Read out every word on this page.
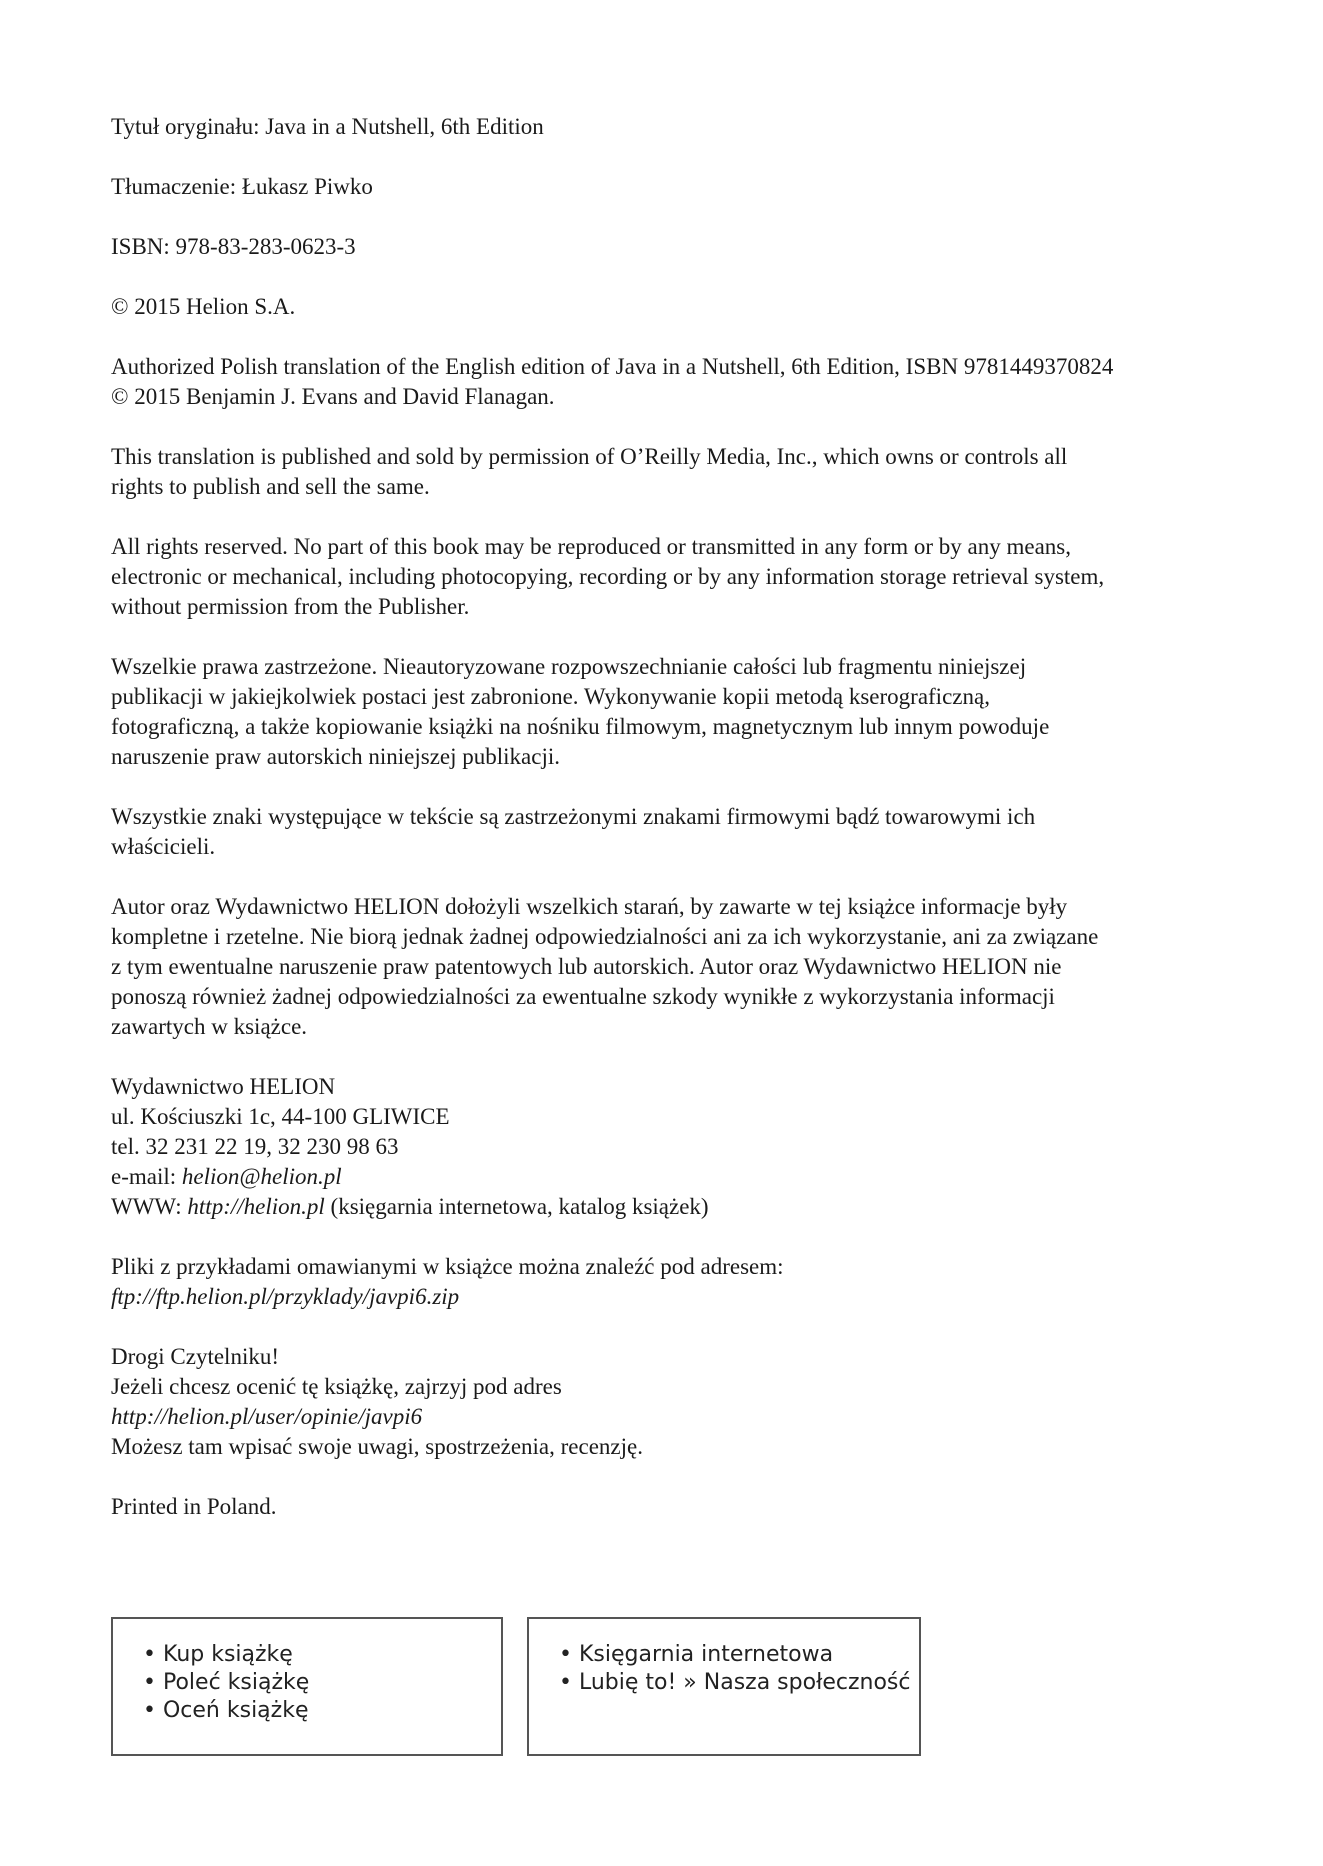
Tytuł oryginału: Java in a Nutshell, 6th Edition

Tłumaczenie: Łukasz Piwko

ISBN: 978-83-283-0623-3

© 2015 Helion S.A.

Authorized Polish translation of the English edition of Java in a Nutshell, 6th Edition, ISBN 9781449370824
© 2015 Benjamin J. Evans and David Flanagan.

This translation is published and sold by permission of O’Reilly Media, Inc., which owns or controls all
rights to publish and sell the same.

All rights reserved. No part of this book may be reproduced or transmitted in any form or by any means,
electronic or mechanical, including photocopying, recording or by any information storage retrieval system,
without permission from the Publisher.

Wszelkie prawa zastrzeżone. Nieautoryzowane rozpowszechnianie całości lub fragmentu niniejszej
publikacji w jakiejkolwiek postaci jest zabronione. Wykonywanie kopii metodą kserograficzną,
fotograficzną, a także kopiowanie książki na nośniku filmowym, magnetycznym lub innym powoduje
naruszenie praw autorskich niniejszej publikacji.

Wszystkie znaki występujące w tekście są zastrzeżonymi znakami firmowymi bądź towarowymi ich
właścicieli.

Autor oraz Wydawnictwo HELION dołożyli wszelkich starań, by zawarte w tej książce informacje były
kompletne i rzetelne. Nie biorą jednak żadnej odpowiedzialności ani za ich wykorzystanie, ani za związane
z tym ewentualne naruszenie praw patentowych lub autorskich. Autor oraz Wydawnictwo HELION nie
ponoszą również żadnej odpowiedzialności za ewentualne szkody wynikłe z wykorzystania informacji
zawartych w książce.

Wydawnictwo HELION
ul. Kościuszki 1c, 44-100 GLIWICE
tel. 32 231 22 19, 32 230 98 63
e-mail: helion@helion.pl
WWW: http://helion.pl (księgarnia internetowa, katalog książek)

Pliki z przykładami omawianymi w książce można znaleźć pod adresem:
ftp://ftp.helion.pl/przyklady/javpi6.zip

Drogi Czytelniku!
Jeżeli chcesz ocenić tę książkę, zajrzyj pod adres
http://helion.pl/user/opinie/javpi6
Możesz tam wpisać swoje uwagi, spostrzeżenia, recenzję.

Printed in Poland.

• Kup książkę
• Poleć książkę
• Oceń książkę
• Księgarnia internetowa
• Lubię to! » Nasza społeczność
